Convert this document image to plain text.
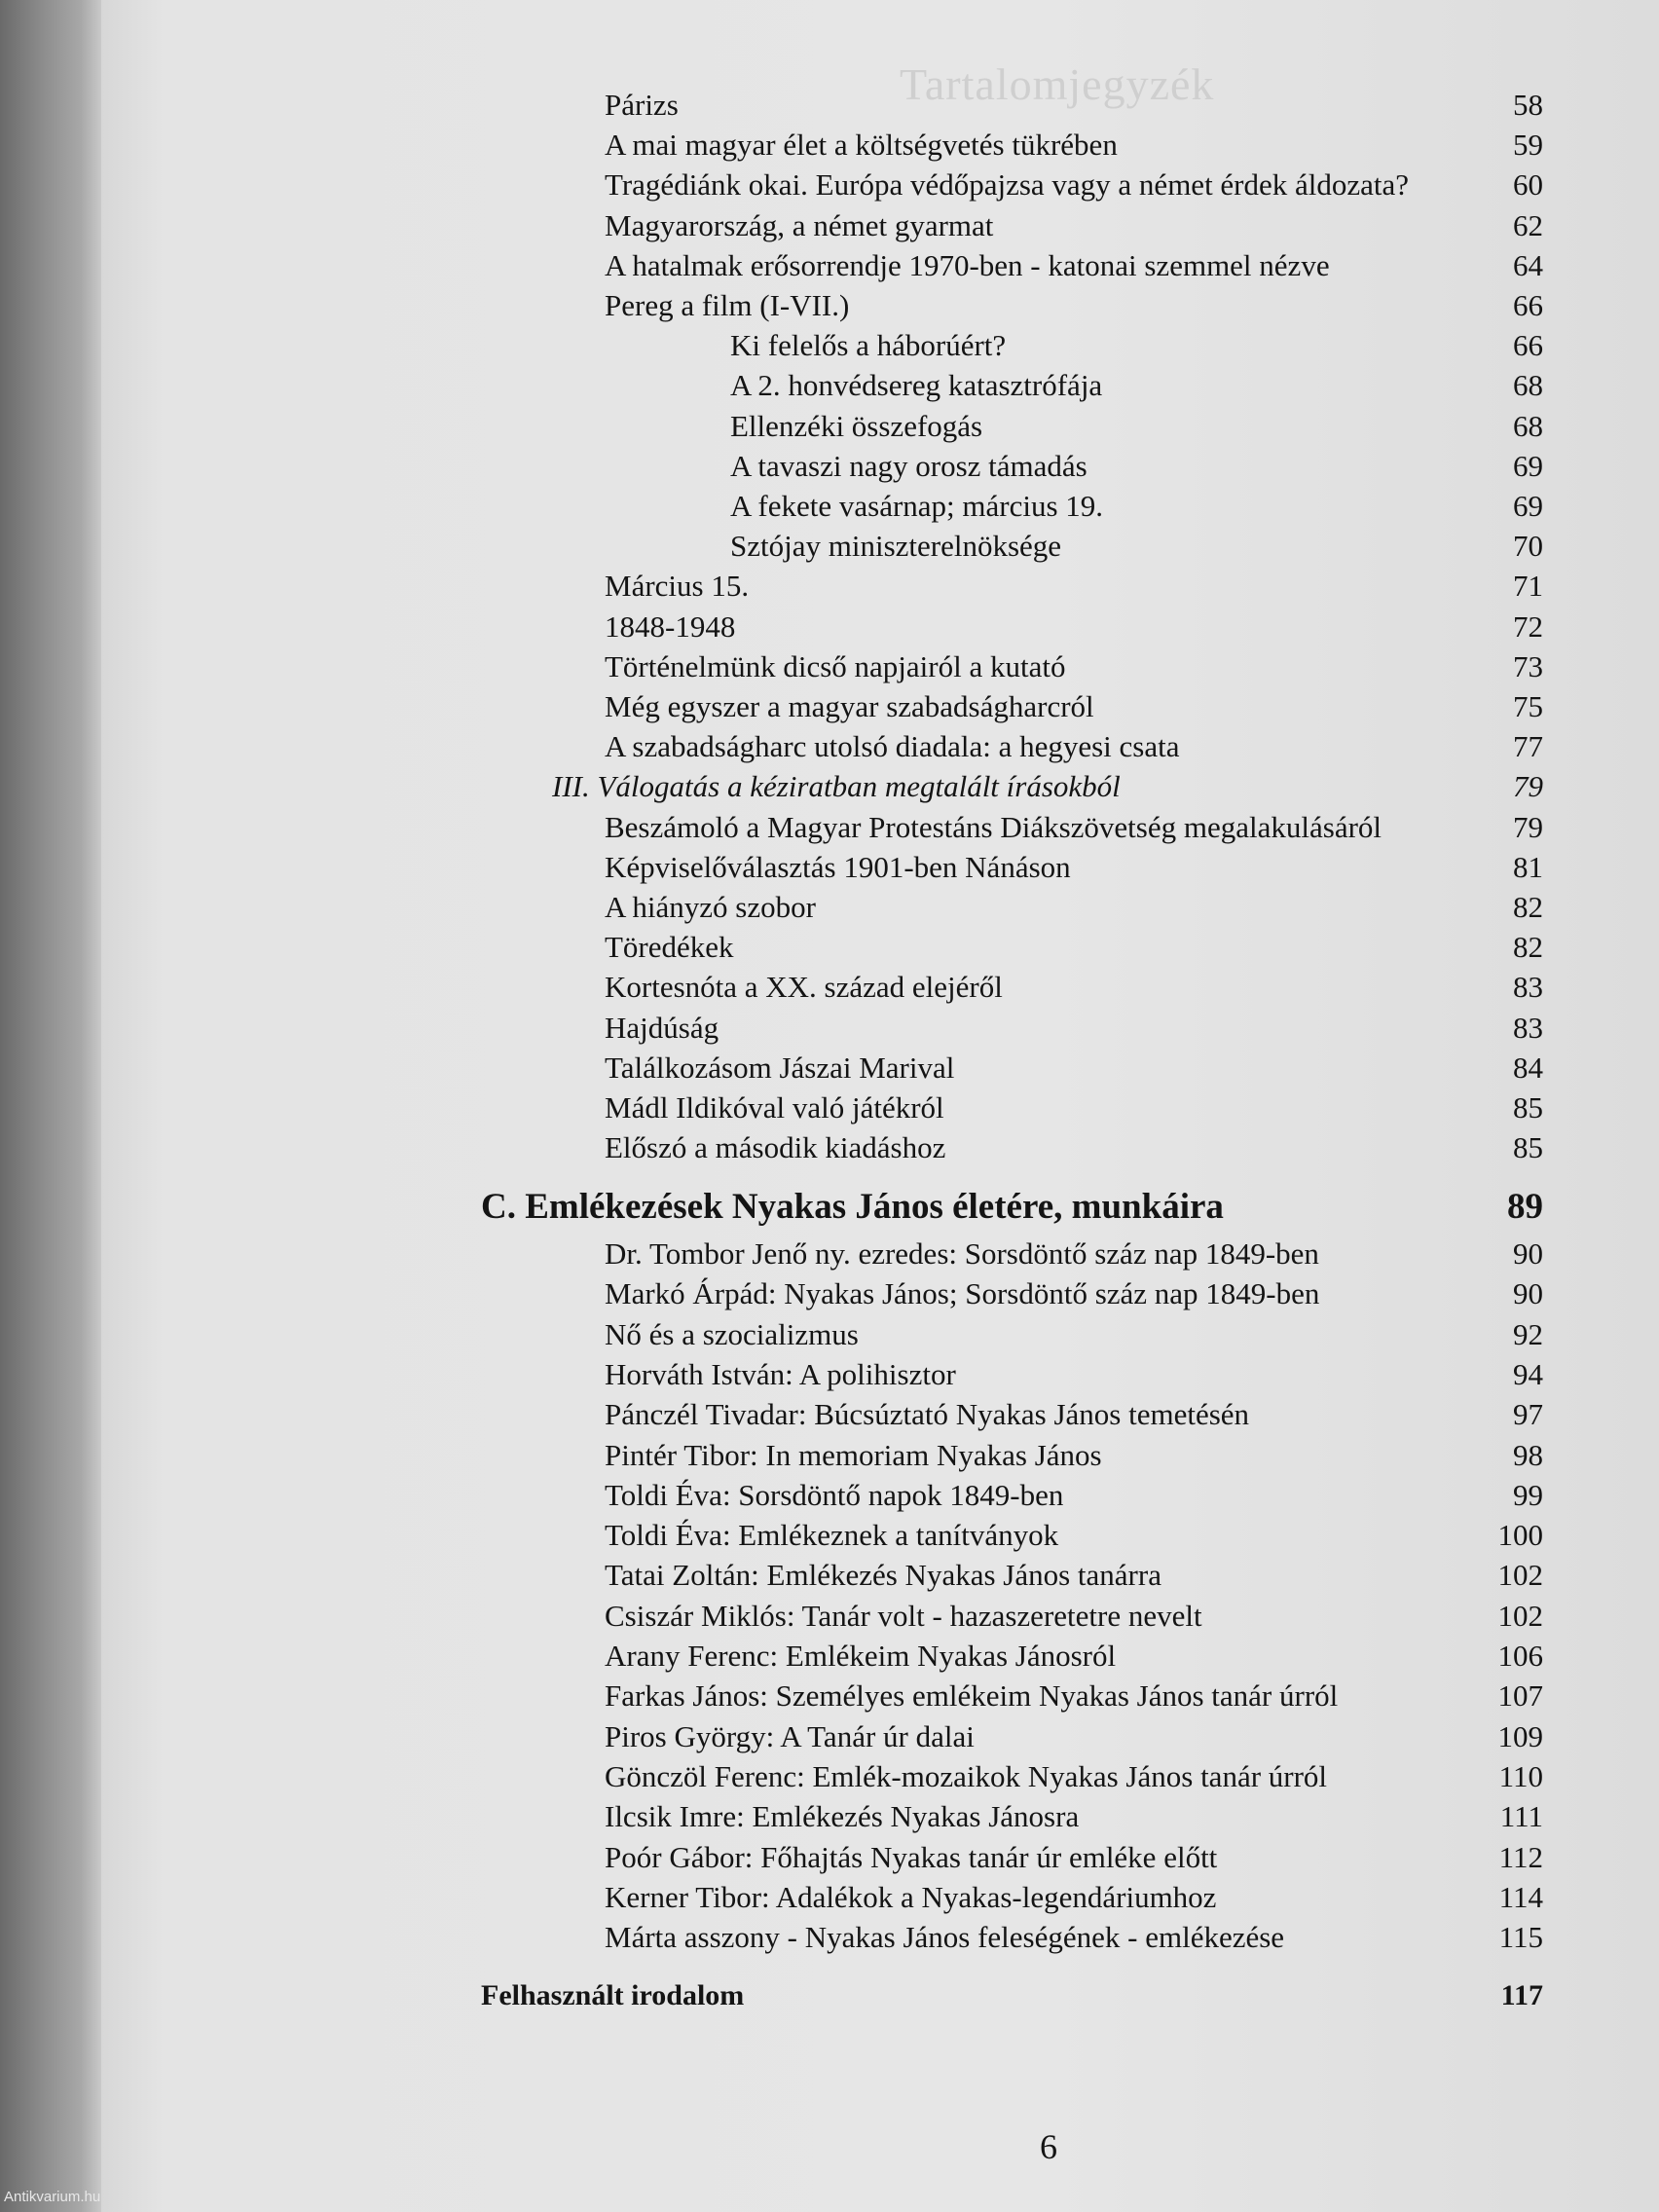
Tartalomjegyzék
Párizs	58
A mai magyar élet a költségvetés tükrében	59
Tragédiánk okai. Európa védőpajzsa vagy a német érdek áldozata?	60
Magyarország, a német gyarmat	62
A hatalmak erősorrendje 1970-ben - katonai szemmel nézve	64
Pereg a film (I-VII.)	66
Ki felelős a háborúért?	66
A 2. honvédsereg katasztrófája	68
Ellenzéki összefogás	68
A tavaszi nagy orosz támadás	69
A fekete vasárnap; március 19.	69
Sztójay miniszterelnöksége	70
Március 15.	71
1848-1948	72
Történelmünk dicső napjairól a kutató	73
Még egyszer a magyar szabadságharcról	75
A szabadságharc utolsó diadala: a hegyesi csata	77
III. Válogatás a kéziratban megtalált írásokból	79
Beszámoló a Magyar Protestáns Diákszövetség megalakulásáról	79
Képviselőválasztás 1901-ben Nánáson	81
A hiányzó szobor	82
Töredékek	82
Kortesnóta a XX. század elejéről	83
Hajdúság	83
Találkozásom Jászai Marival	84
Mádl Ildikóval való játékról	85
Előszó a második kiadáshoz	85
C. Emlékezések Nyakas János életére, munkáira	89
Dr. Tombor Jenő ny. ezredes: Sorsdöntő száz nap 1849-ben	90
Markó Árpád: Nyakas János; Sorsdöntő száz nap 1849-ben	90
Nő és a szocializmus	92
Horváth István: A polihisztor	94
Pánczél Tivadar: Búcsúztató Nyakas János temetésén	97
Pintér Tibor: In memoriam Nyakas János	98
Toldi Éva: Sorsdöntő napok 1849-ben	99
Toldi Éva: Emlékeznek a tanítványok	100
Tatai Zoltán: Emlékezés Nyakas János tanárra	102
Csiszár Miklós: Tanár volt - hazaszeretetre nevelt	102
Arany Ferenc: Emlékeim Nyakas Jánosról	106
Farkas János: Személyes emlékeim Nyakas János tanár úrról	107
Piros György: A Tanár úr dalai	109
Gönczöl Ferenc: Emlék-mozaikok Nyakas János tanár úrról	110
Ilcsik Imre: Emlékezés Nyakas Jánosra	111
Poór Gábor: Főhajtás Nyakas tanár úr emléke előtt	112
Kerner Tibor: Adalékok a Nyakas-legendáriumhoz	114
Márta asszony - Nyakas János feleségének - emlékezése	115
Felhasznált irodalom	117
6
Antikvarium.hu
